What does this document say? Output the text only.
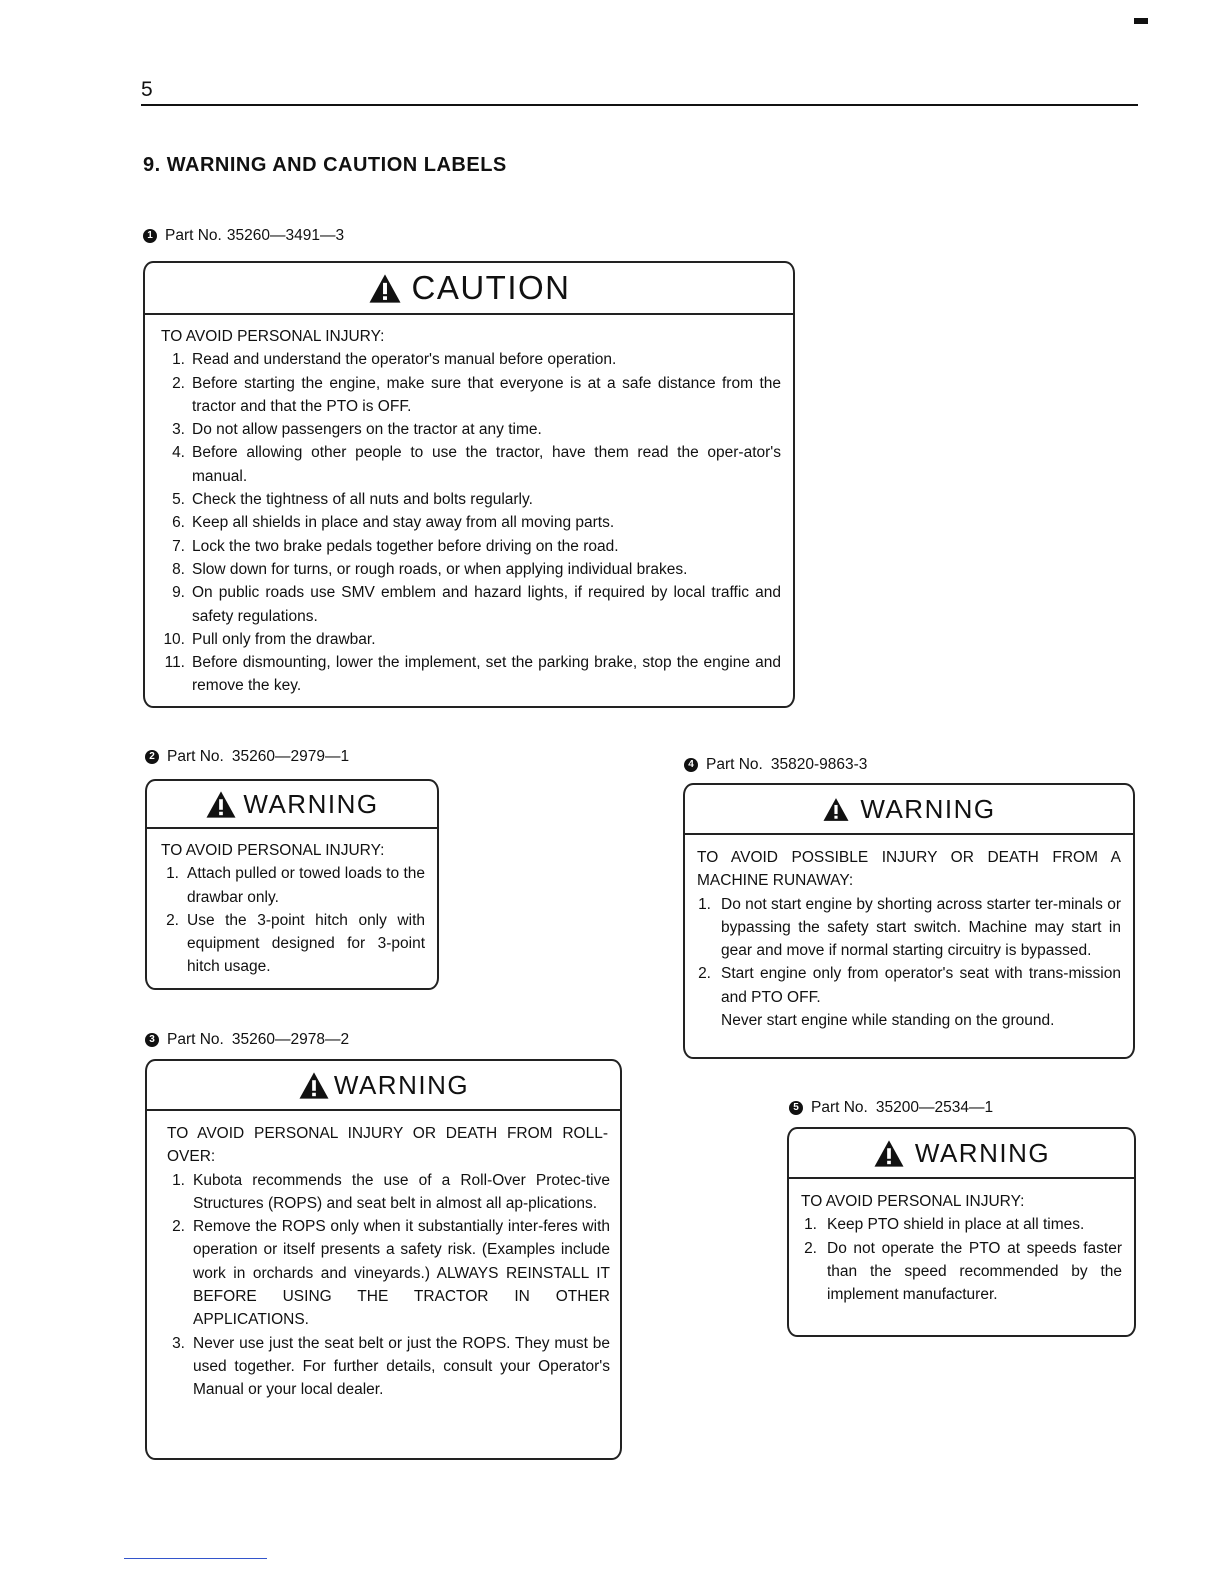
5
9. WARNING AND CAUTION LABELS
1 Part No. 35260—3491—3
CAUTION
TO AVOID PERSONAL INJURY:
1. Read and understand the operator's manual before operation.
2. Before starting the engine, make sure that everyone is at a safe distance from the tractor and that the PTO is OFF.
3. Do not allow passengers on the tractor at any time.
4. Before allowing other people to use the tractor, have them read the oper-ator's manual.
5. Check the tightness of all nuts and bolts regularly.
6. Keep all shields in place and stay away from all moving parts.
7. Lock the two brake pedals together before driving on the road.
8. Slow down for turns, or rough roads, or when applying individual brakes.
9. On public roads use SMV emblem and hazard lights, if required by local traffic and safety regulations.
10. Pull only from the drawbar.
11. Before dismounting, lower the implement, set the parking brake, stop the engine and remove the key.
2 Part No. 35260—2979—1
WARNING
TO AVOID PERSONAL INJURY:
1. Attach pulled or towed loads to the drawbar only.
2. Use the 3-point hitch only with equipment designed for 3-point hitch usage.
3 Part No. 35260—2978—2
WARNING
TO AVOID PERSONAL INJURY OR DEATH FROM ROLL-OVER:
1. Kubota recommends the use of a Roll-Over Protec-tive Structures (ROPS) and seat belt in almost all ap-plications.
2. Remove the ROPS only when it substantially inter-feres with operation or itself presents a safety risk. (Examples include work in orchards and vineyards.) ALWAYS REINSTALL IT BEFORE USING THE TRACTOR IN OTHER APPLICATIONS.
3. Never use just the seat belt or just the ROPS. They must be used together. For further details, consult your Operator's Manual or your local dealer.
4 Part No. 35820-9863-3
WARNING
TO AVOID POSSIBLE INJURY OR DEATH FROM A MACHINE RUNAWAY:
1. Do not start engine by shorting across starter ter-minals or bypassing the safety start switch. Machine may start in gear and move if normal starting circuitry is bypassed.
2. Start engine only from operator's seat with trans-mission and PTO OFF.
Never start engine while standing on the ground.
5 Part No. 35200—2534—1
WARNING
TO AVOID PERSONAL INJURY:
1. Keep PTO shield in place at all times.
2. Do not operate the PTO at speeds faster than the speed recommended by the implement manufacturer.
